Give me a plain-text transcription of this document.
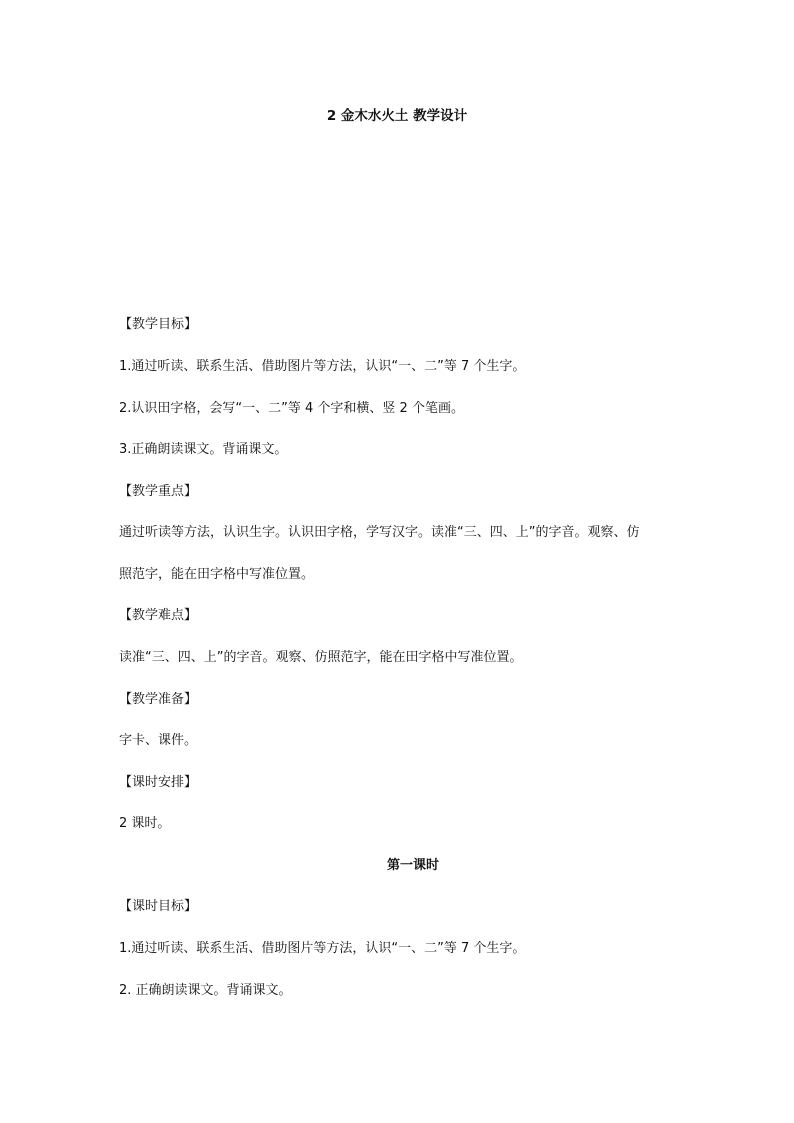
2 金木水火土 教学设计
【教学目标】
1.通过听读、联系生活、借助图片等方法，认识“一、二”等 7 个生字。
2.认识田字格，会写“一、二”等 4 个字和横、竖 2 个笔画。
3.正确朗读课文。背诵课文。
【教学重点】
通过听读等方法，认识生字。认识田字格，学写汉字。读准“三、四、上”的字音。观察、仿
照范字，能在田字格中写准位置。
【教学难点】
读准“三、四、上”的字音。观察、仿照范字，能在田字格中写准位置。
【教学准备】
字卡、课件。
【课时安排】
2 课时。
第一课时
【课时目标】
1.通过听读、联系生活、借助图片等方法，认识“一、二”等 7 个生字。
2. 正确朗读课文。背诵课文。
